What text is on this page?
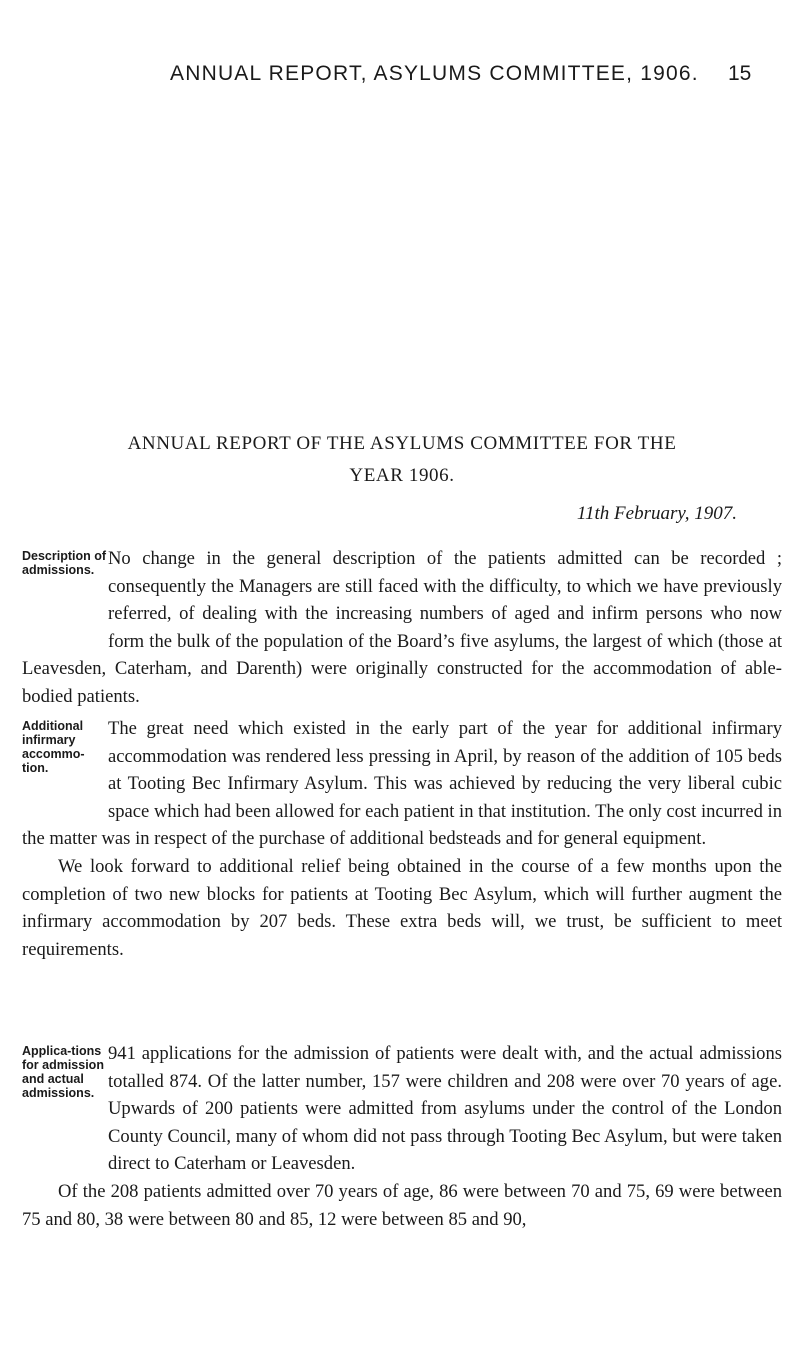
ANNUAL REPORT, ASYLUMS COMMITTEE, 1906. 15
ANNUAL REPORT OF THE ASYLUMS COMMITTEE FOR THE
YEAR 1906.
11th February, 1907.
Description of admissions.

No change in the general description of the patients admitted can be recorded ; consequently the Managers are still faced with the difficulty, to which we have previously referred, of dealing with the increasing numbers of aged and infirm persons who now form the bulk of the population of the Board’s five asylums, the largest of which (those at Leavesden, Caterham, and Darenth) were originally constructed for the accommodation of able-bodied patients.

Additional infirmary accommo-tion.

The great need which existed in the early part of the year for additional infirmary accommodation was rendered less pressing in April, by reason of the addition of 105 beds at Tooting Bec Infirmary Asylum. This was achieved by reducing the very liberal cubic space which had been allowed for each patient in that institution. The only cost incurred in the matter was in respect of the purchase of additional bedsteads and for general equipment.

We look forward to additional relief being obtained in the course of a few months upon the completion of two new blocks for patients at Tooting Bec Asylum, which will further augment the infirmary accommodation by 207 beds. These extra beds will, we trust, be sufficient to meet requirements.

Applica-tions for admission and actual admissions.

941 applications for the admission of patients were dealt with, and the actual admissions totalled 874. Of the latter number, 157 were children and 208 were over 70 years of age. Upwards of 200 patients were admitted from asylums under the control of the London County Council, many of whom did not pass through Tooting Bec Asylum, but were taken direct to Caterham or Leavesden.

Of the 208 patients admitted over 70 years of age, 86 were between 70 and 75, 69 were between 75 and 80, 38 were between 80 and 85, 12 were between 85 and 90,
